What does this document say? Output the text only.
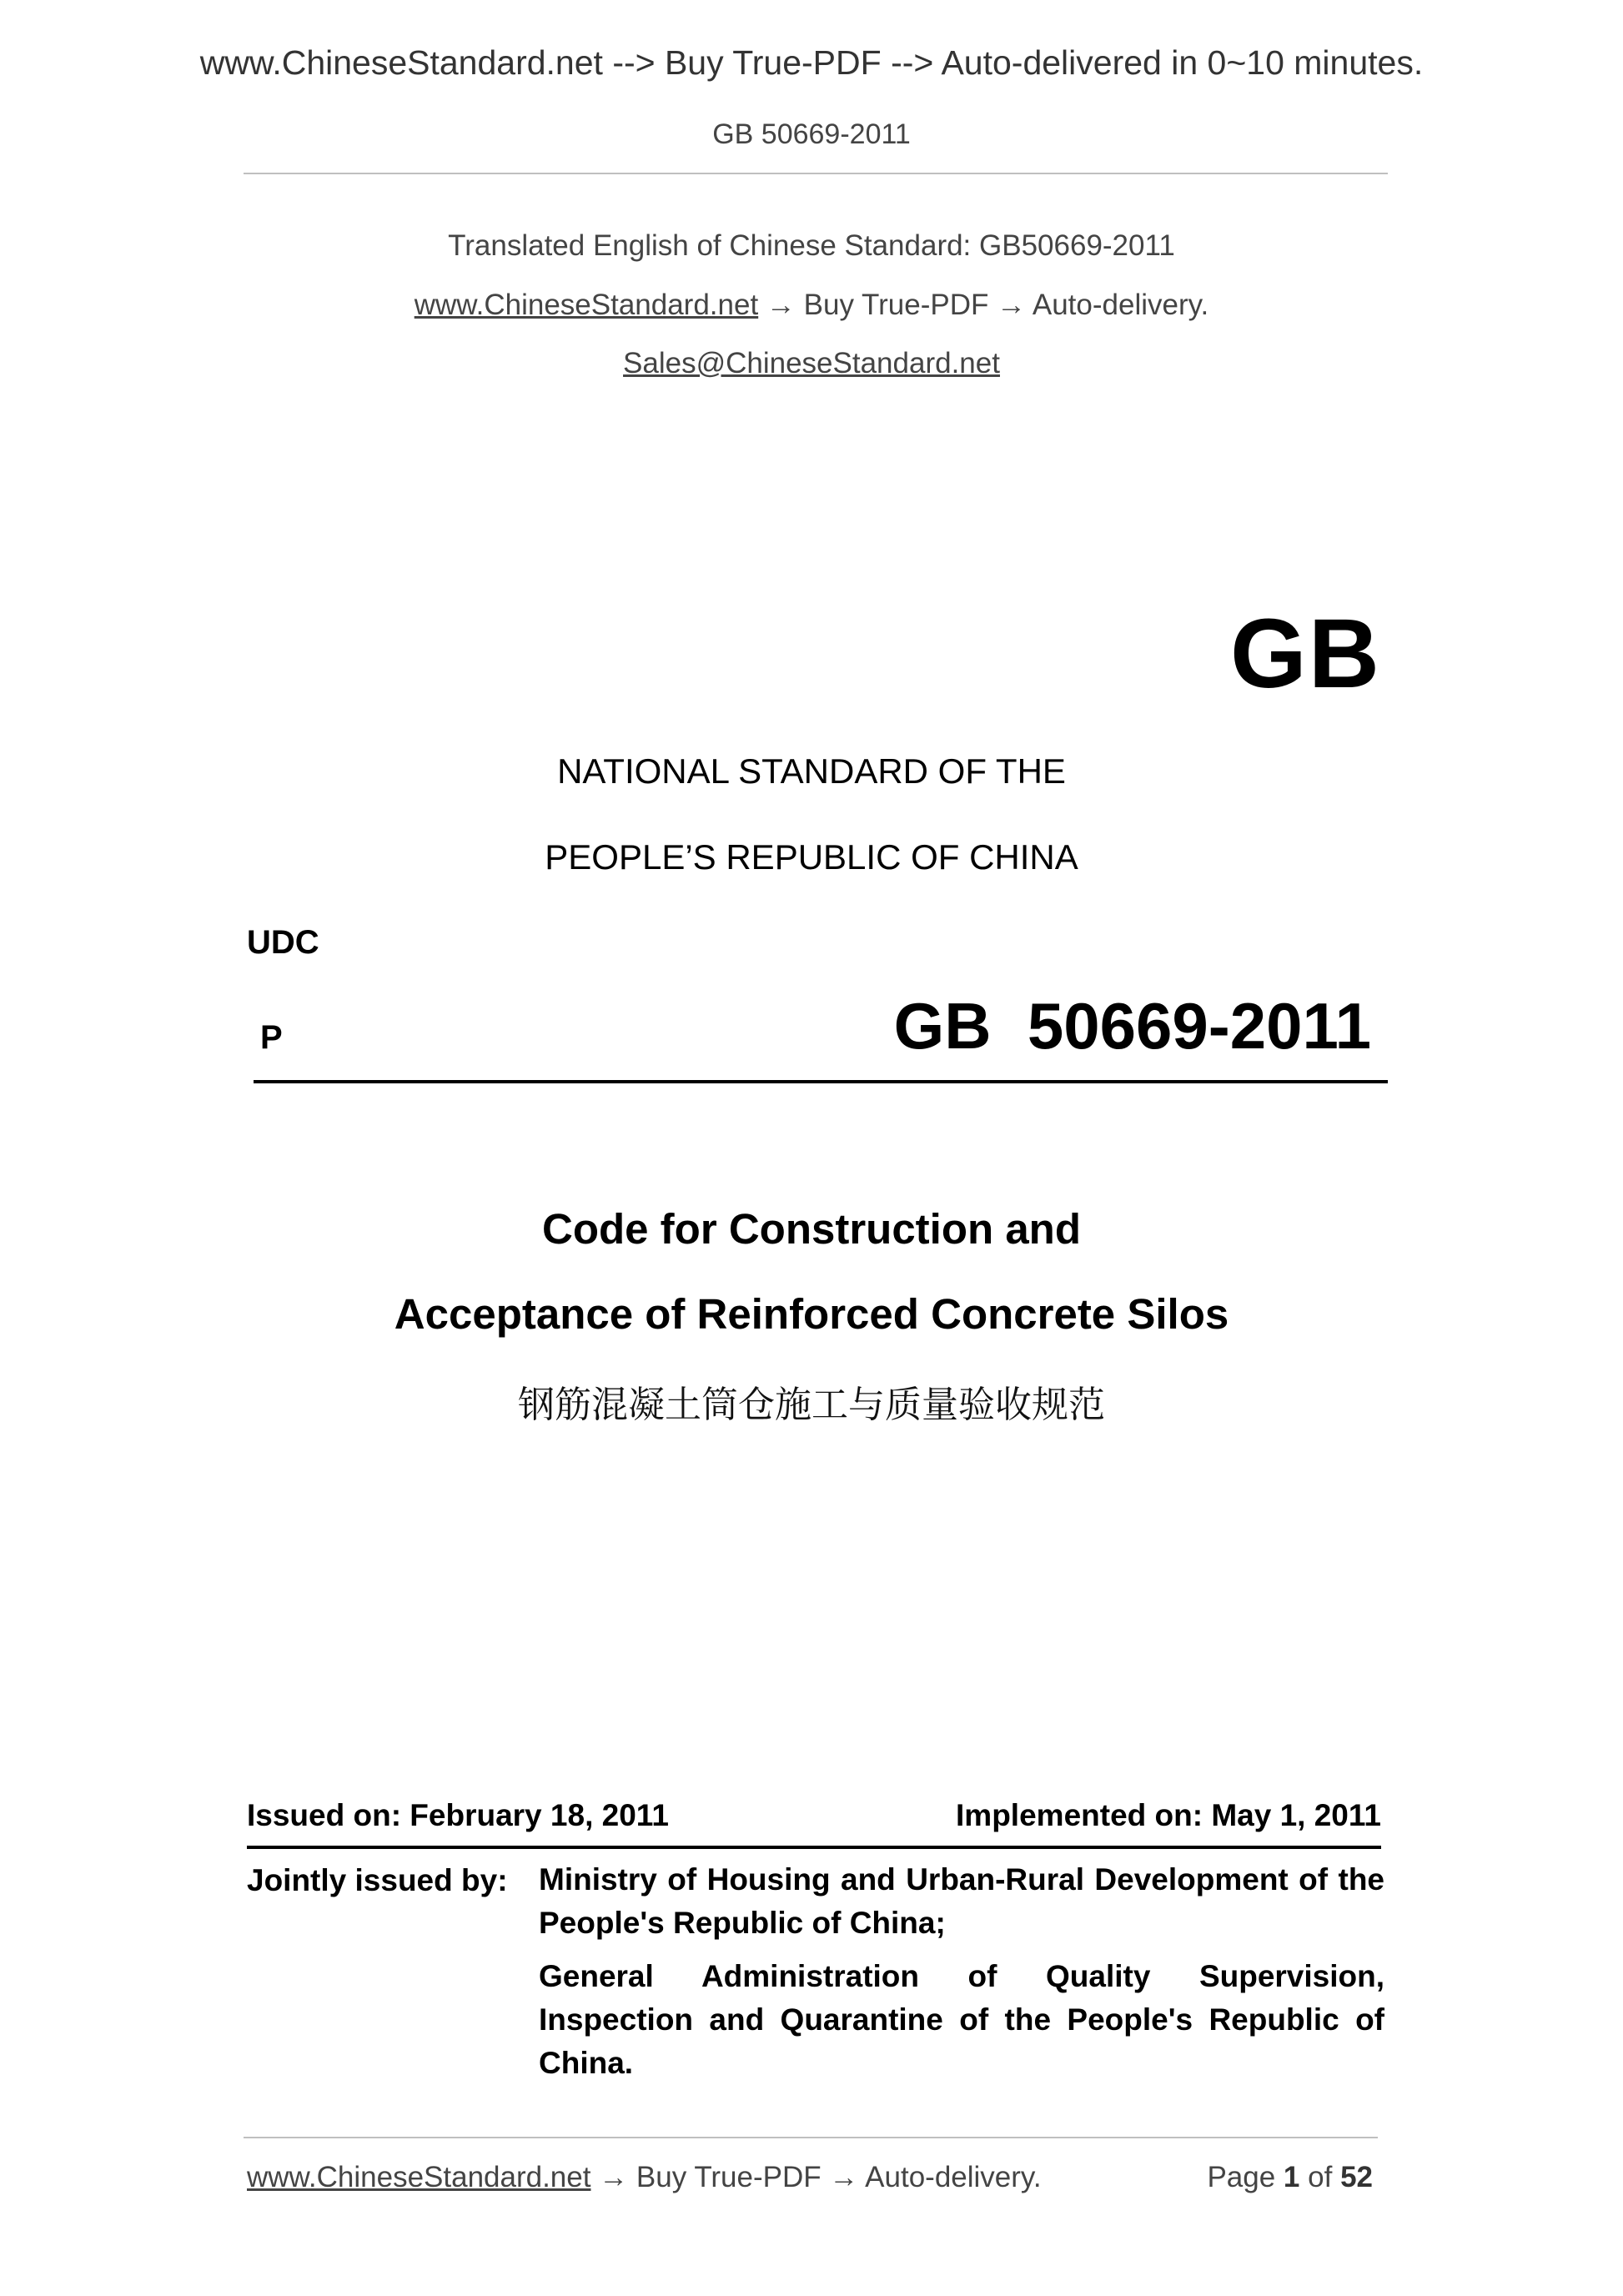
www.ChineseStandard.net --> Buy True-PDF --> Auto-delivered in 0~10 minutes.
GB 50669-2011
Translated English of Chinese Standard: GB50669-2011
www.ChineseStandard.net → Buy True-PDF → Auto-delivery.
Sales@ChineseStandard.net
GB
NATIONAL STANDARD OF THE
PEOPLE’S REPUBLIC OF CHINA
UDC
P	GB  50669-2011
Code for Construction and
Acceptance of Reinforced Concrete Silos
钢筋混凝土筒仓施工与质量验收规范
Issued on: February 18, 2011	Implemented on: May 1, 2011
Jointly issued by: Ministry of Housing and Urban-Rural Development of the People's Republic of China;
General Administration of Quality Supervision, Inspection and Quarantine of the People's Republic of China.
www.ChineseStandard.net → Buy True-PDF → Auto-delivery.	Page 1 of 52
